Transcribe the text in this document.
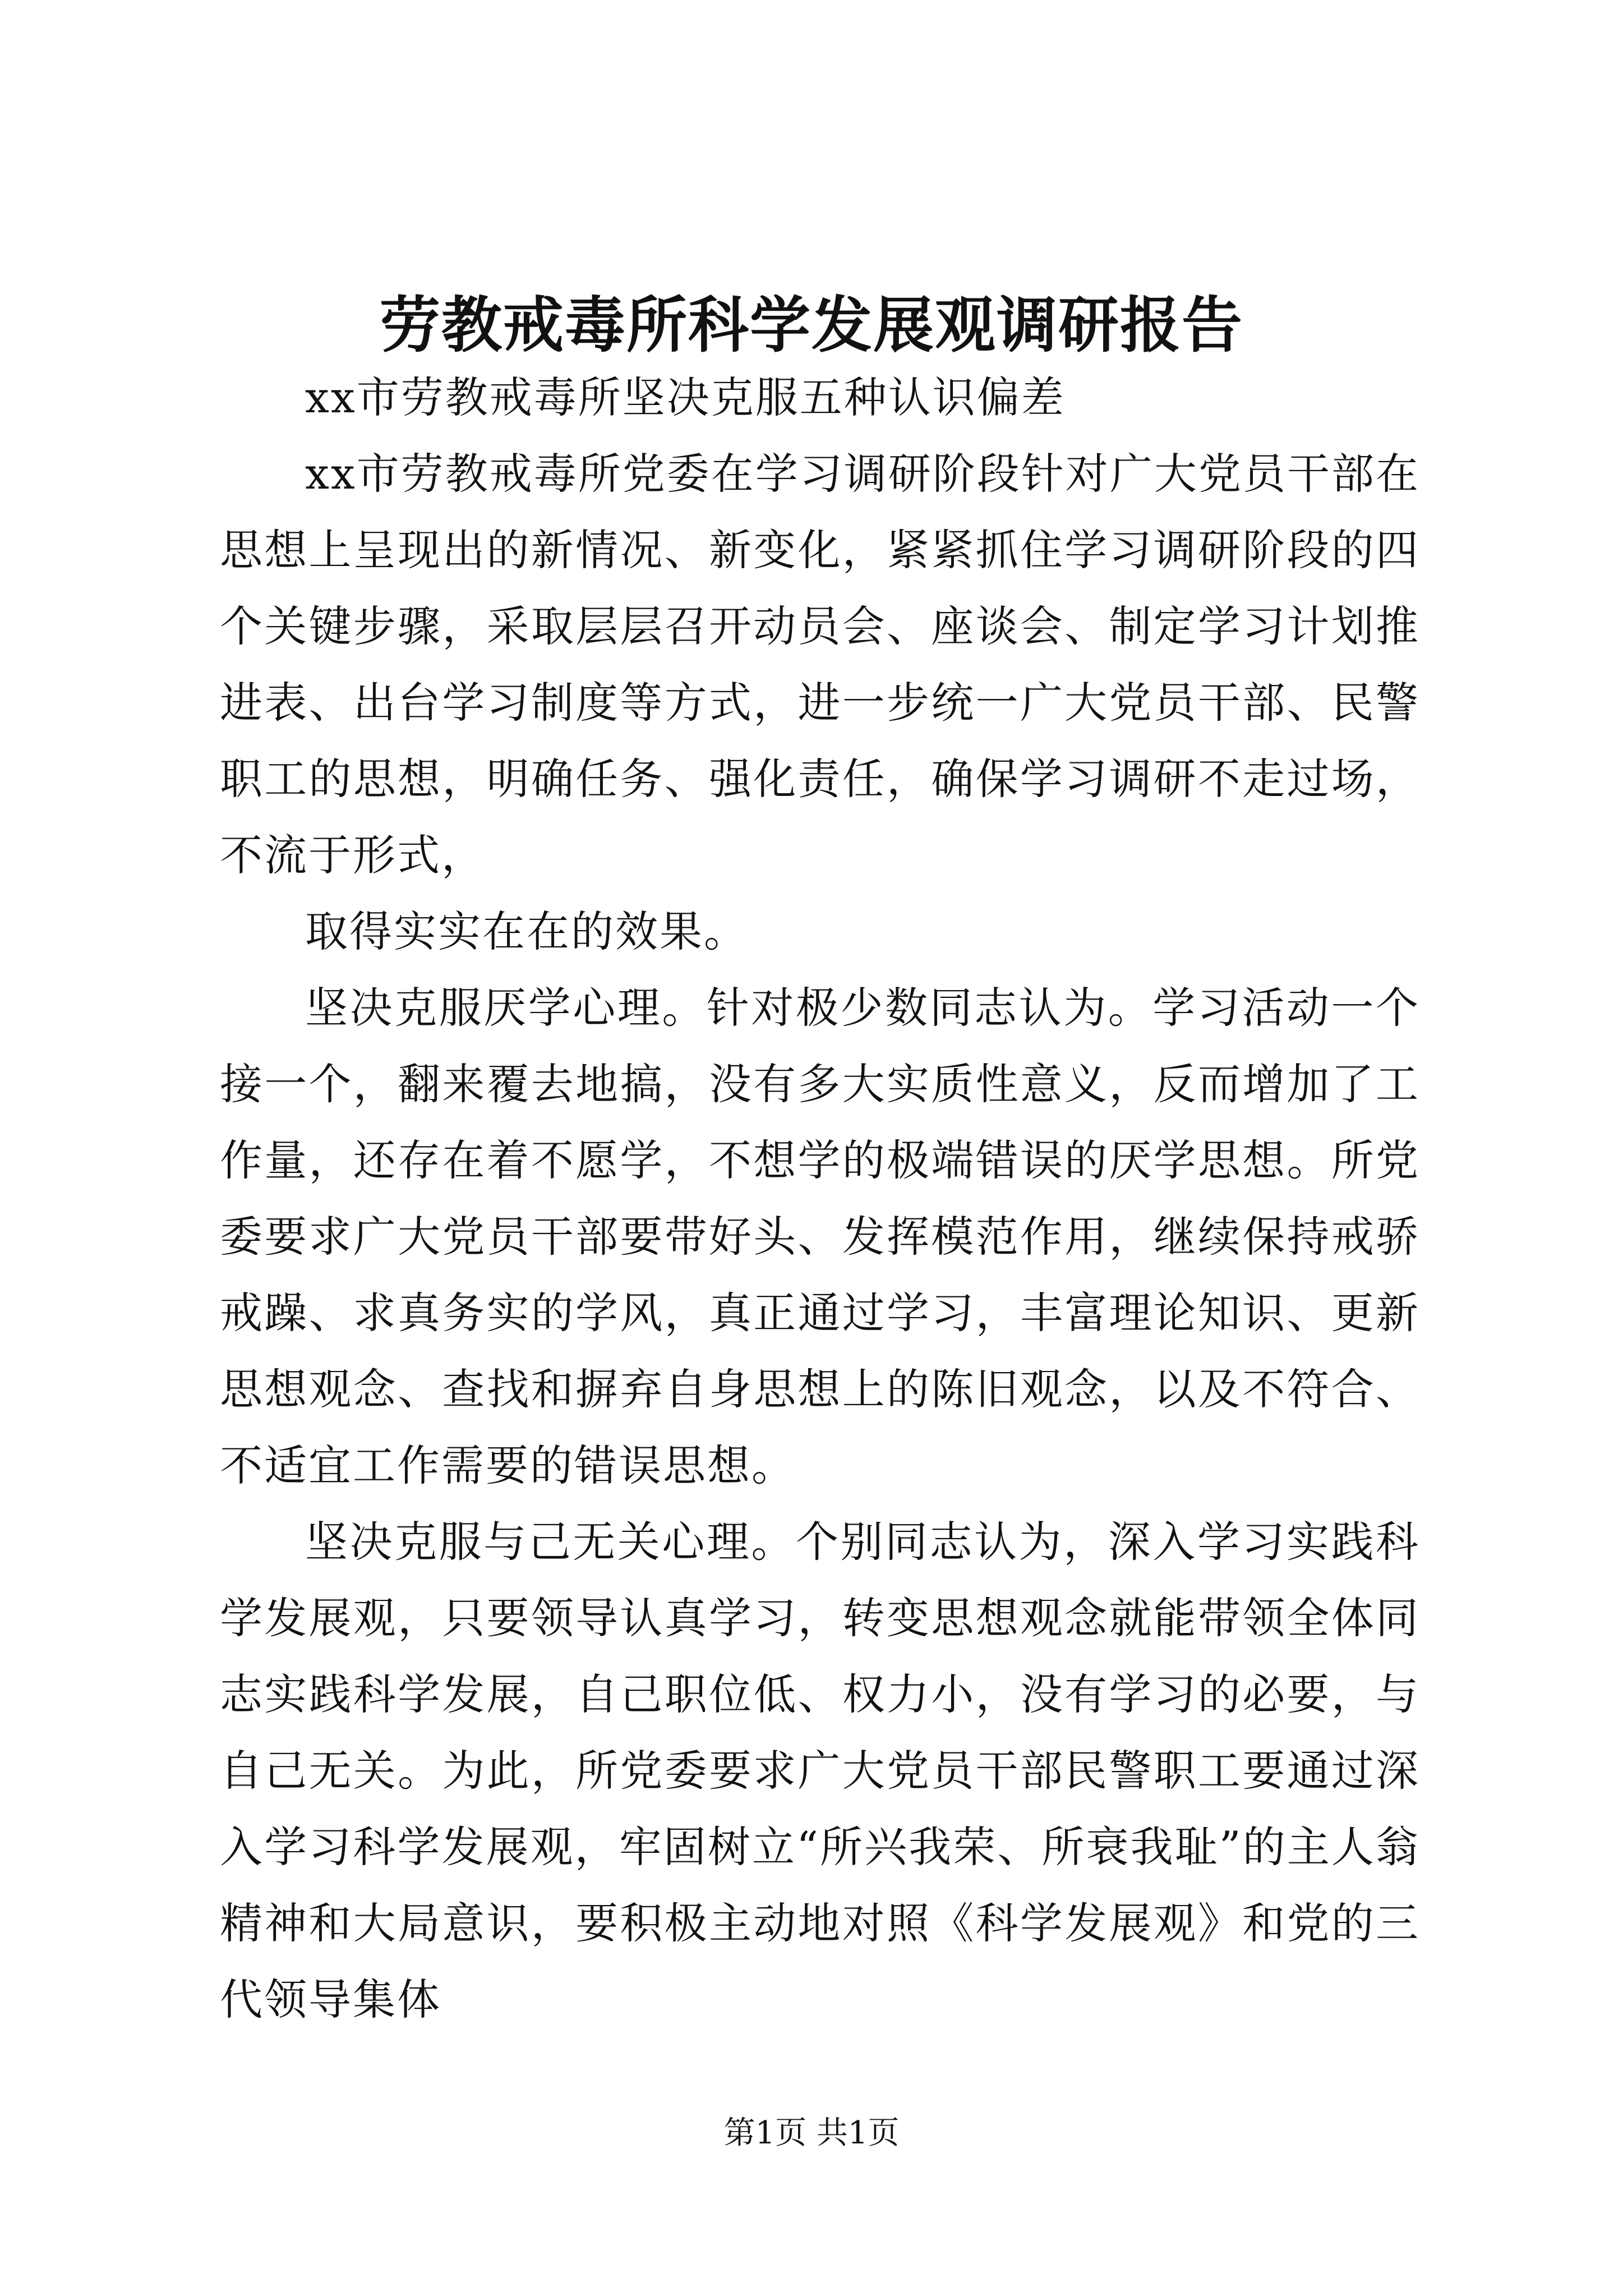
劳教戒毒所科学发展观调研报告

xx市劳教戒毒所坚决克服五种认识偏差

xx市劳教戒毒所党委在学习调研阶段针对广大党员干部在思想上呈现出的新情况、新变化，紧紧抓住学习调研阶段的四个关键步骤，采取层层召开动员会、座谈会、制定学习计划推进表、出台学习制度等方式，进一步统一广大党员干部、民警职工的思想，明确任务、强化责任，确保学习调研不走过场，不流于形式，

取得实实在在的效果。

坚决克服厌学心理。针对极少数同志认为。学习活动一个接一个，翻来覆去地搞，没有多大实质性意义，反而增加了工作量，还存在着不愿学，不想学的极端错误的厌学思想。所党委要求广大党员干部要带好头、发挥模范作用，继续保持戒骄戒躁、求真务实的学风，真正通过学习，丰富理论知识、更新思想观念、查找和摒弃自身思想上的陈旧观念，以及不符合、不适宜工作需要的错误思想。

坚决克服与己无关心理。个别同志认为，深入学习实践科学发展观，只要领导认真学习，转变思想观念就能带领全体同志实践科学发展，自己职位低、权力小，没有学习的必要，与自己无关。为此，所党委要求广大党员干部民警职工要通过深入学习科学发展观，牢固树立“所兴我荣、所衰我耻”的主人翁精神和大局意识，要积极主动地对照《科学发展观》和党的三代领导集体

第1页 共1页
